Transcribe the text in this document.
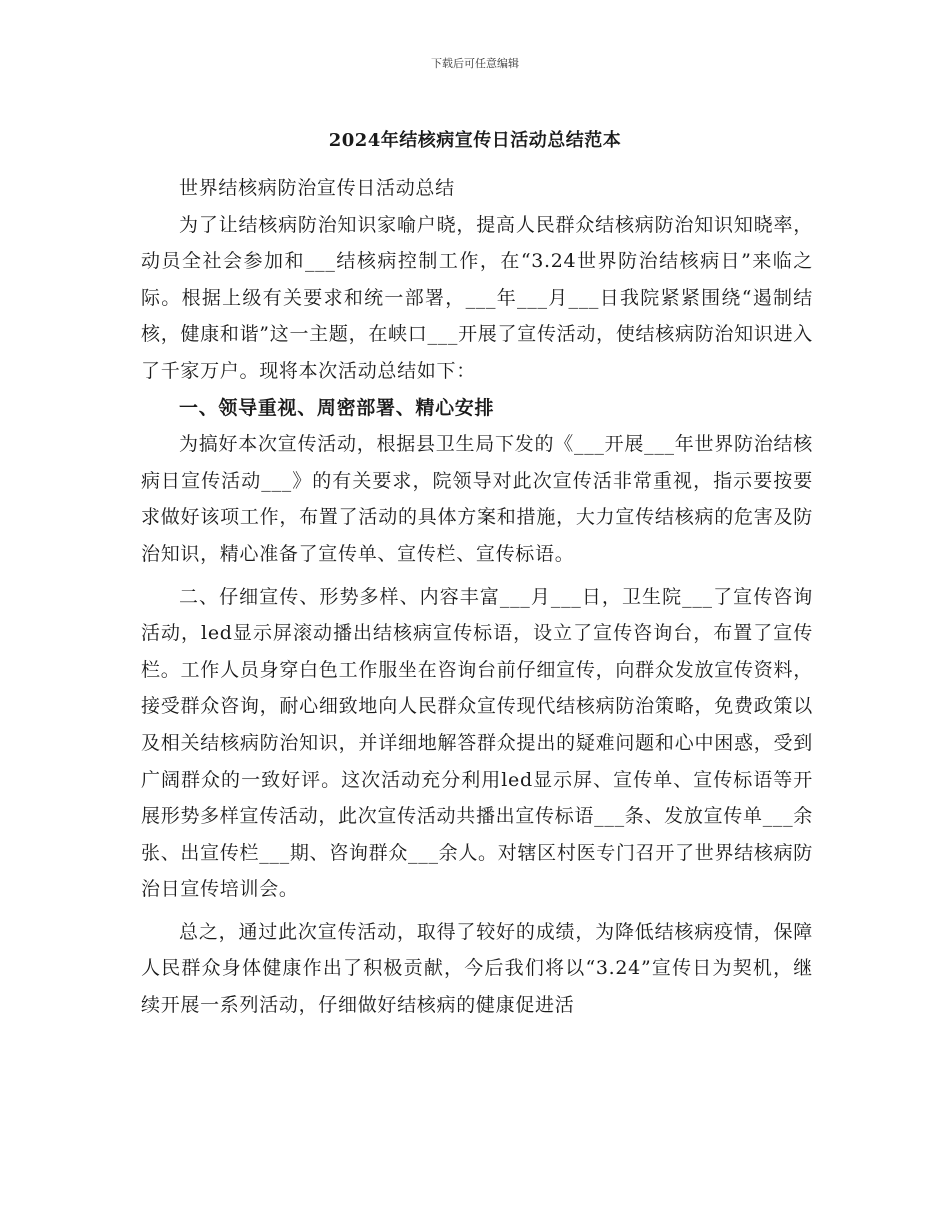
下载后可任意编辑
2024年结核病宣传日活动总结范本

世界结核病防治宣传日活动总结

为了让结核病防治知识家喻户晓，提高人民群众结核病防治知识知晓率，动员全社会参加和___结核病控制工作，在“3.24世界防治结核病日”来临之际。根据上级有关要求和统一部署，___年___月___日我院紧紧围绕“遏制结核，健康和谐”这一主题，在峡口___开展了宣传活动，使结核病防治知识进入了千家万户。现将本次活动总结如下：

一、领导重视、周密部署、精心安排

为搞好本次宣传活动，根据县卫生局下发的《___开展___年世界防治结核病日宣传活动___》的有关要求，院领导对此次宣传活非常重视，指示要按要求做好该项工作，布置了活动的具体方案和措施，大力宣传结核病的危害及防治知识，精心准备了宣传单、宣传栏、宣传标语。

二、仔细宣传、形势多样、内容丰富___月___日，卫生院___了宣传咨询活动，led显示屏滚动播出结核病宣传标语，设立了宣传咨询台，布置了宣传栏。工作人员身穿白色工作服坐在咨询台前仔细宣传，向群众发放宣传资料，接受群众咨询，耐心细致地向人民群众宣传现代结核病防治策略，免费政策以及相关结核病防治知识，并详细地解答群众提出的疑难问题和心中困惑，受到广阔群众的一致好评。这次活动充分利用led显示屏、宣传单、宣传标语等开展形势多样宣传活动，此次宣传活动共播出宣传标语___条、发放宣传单___余张、出宣传栏___期、咨询群众___余人。对辖区村医专门召开了世界结核病防治日宣传培训会。

总之，通过此次宣传活动，取得了较好的成绩，为降低结核病疫情，保障人民群众身体健康作出了积极贡献，今后我们将以“3.24”宣传日为契机，继续开展一系列活动，仔细做好结核病的健康促进活
